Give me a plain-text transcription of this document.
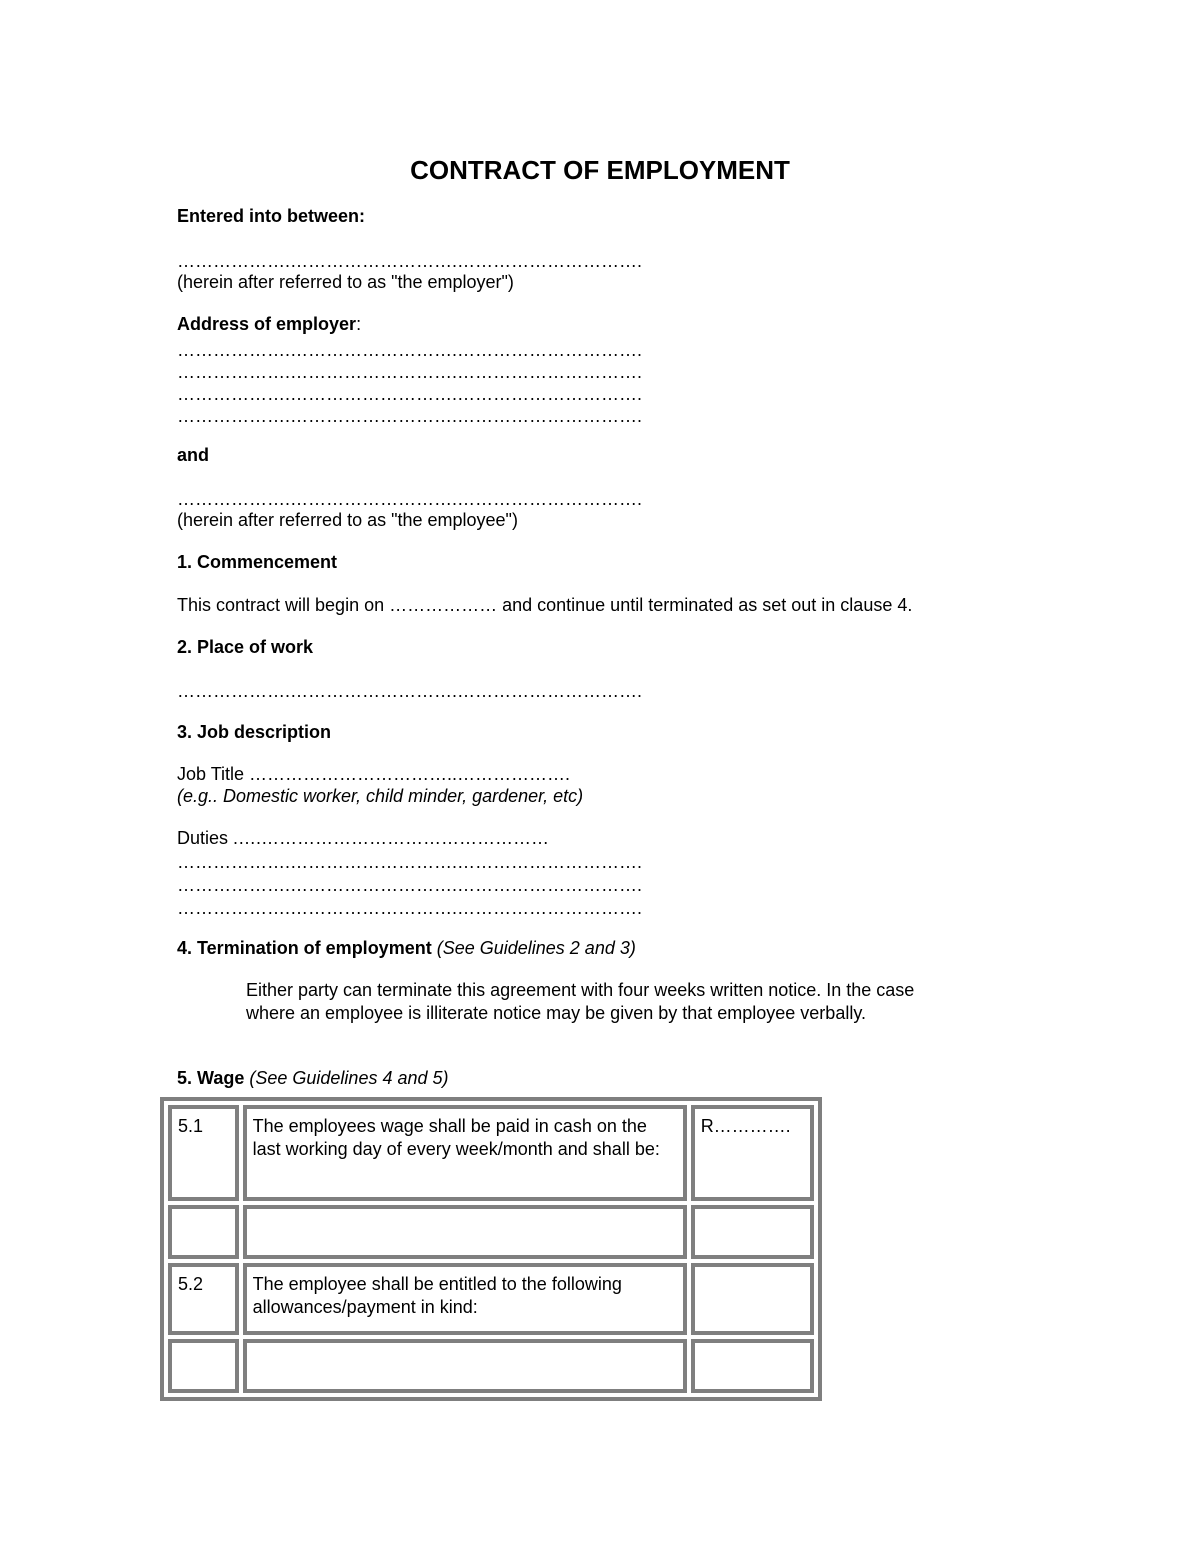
CONTRACT OF EMPLOYMENT
Entered into between:
……………….……………………….………………………….
(herein after referred to as "the employer")
Address of employer:
……………….……………………….………………………….
……………….……………………….………………………….
……………….……………………….………………………….
……………….……………………….………………………….
and
……………….……………………….………………………….
(herein after referred to as "the employee")
1. Commencement
This contract will begin on ……………… and continue until terminated as set out in clause 4.
2. Place of work
……………….……………………….………………………….
3. Job description
Job Title ……………………………..……………….
(e.g.. Domestic worker, child minder, gardener, etc)
Duties .….…………………………………………
……………….……………………….………………………….
……………….……………………….………………………….
……………….……………………….………………………….
4. Termination of employment (See Guidelines 2 and 3)
Either party can terminate this agreement with four weeks written notice. In the case where an employee is illiterate notice may be given by that employee verbally.
5. Wage (See Guidelines 4 and 5)
5.1	The employees wage shall be paid in cash on the last working day of every week/month and shall be:	R………….

5.2	The employee shall be entitled to the following allowances/payment in kind:	
